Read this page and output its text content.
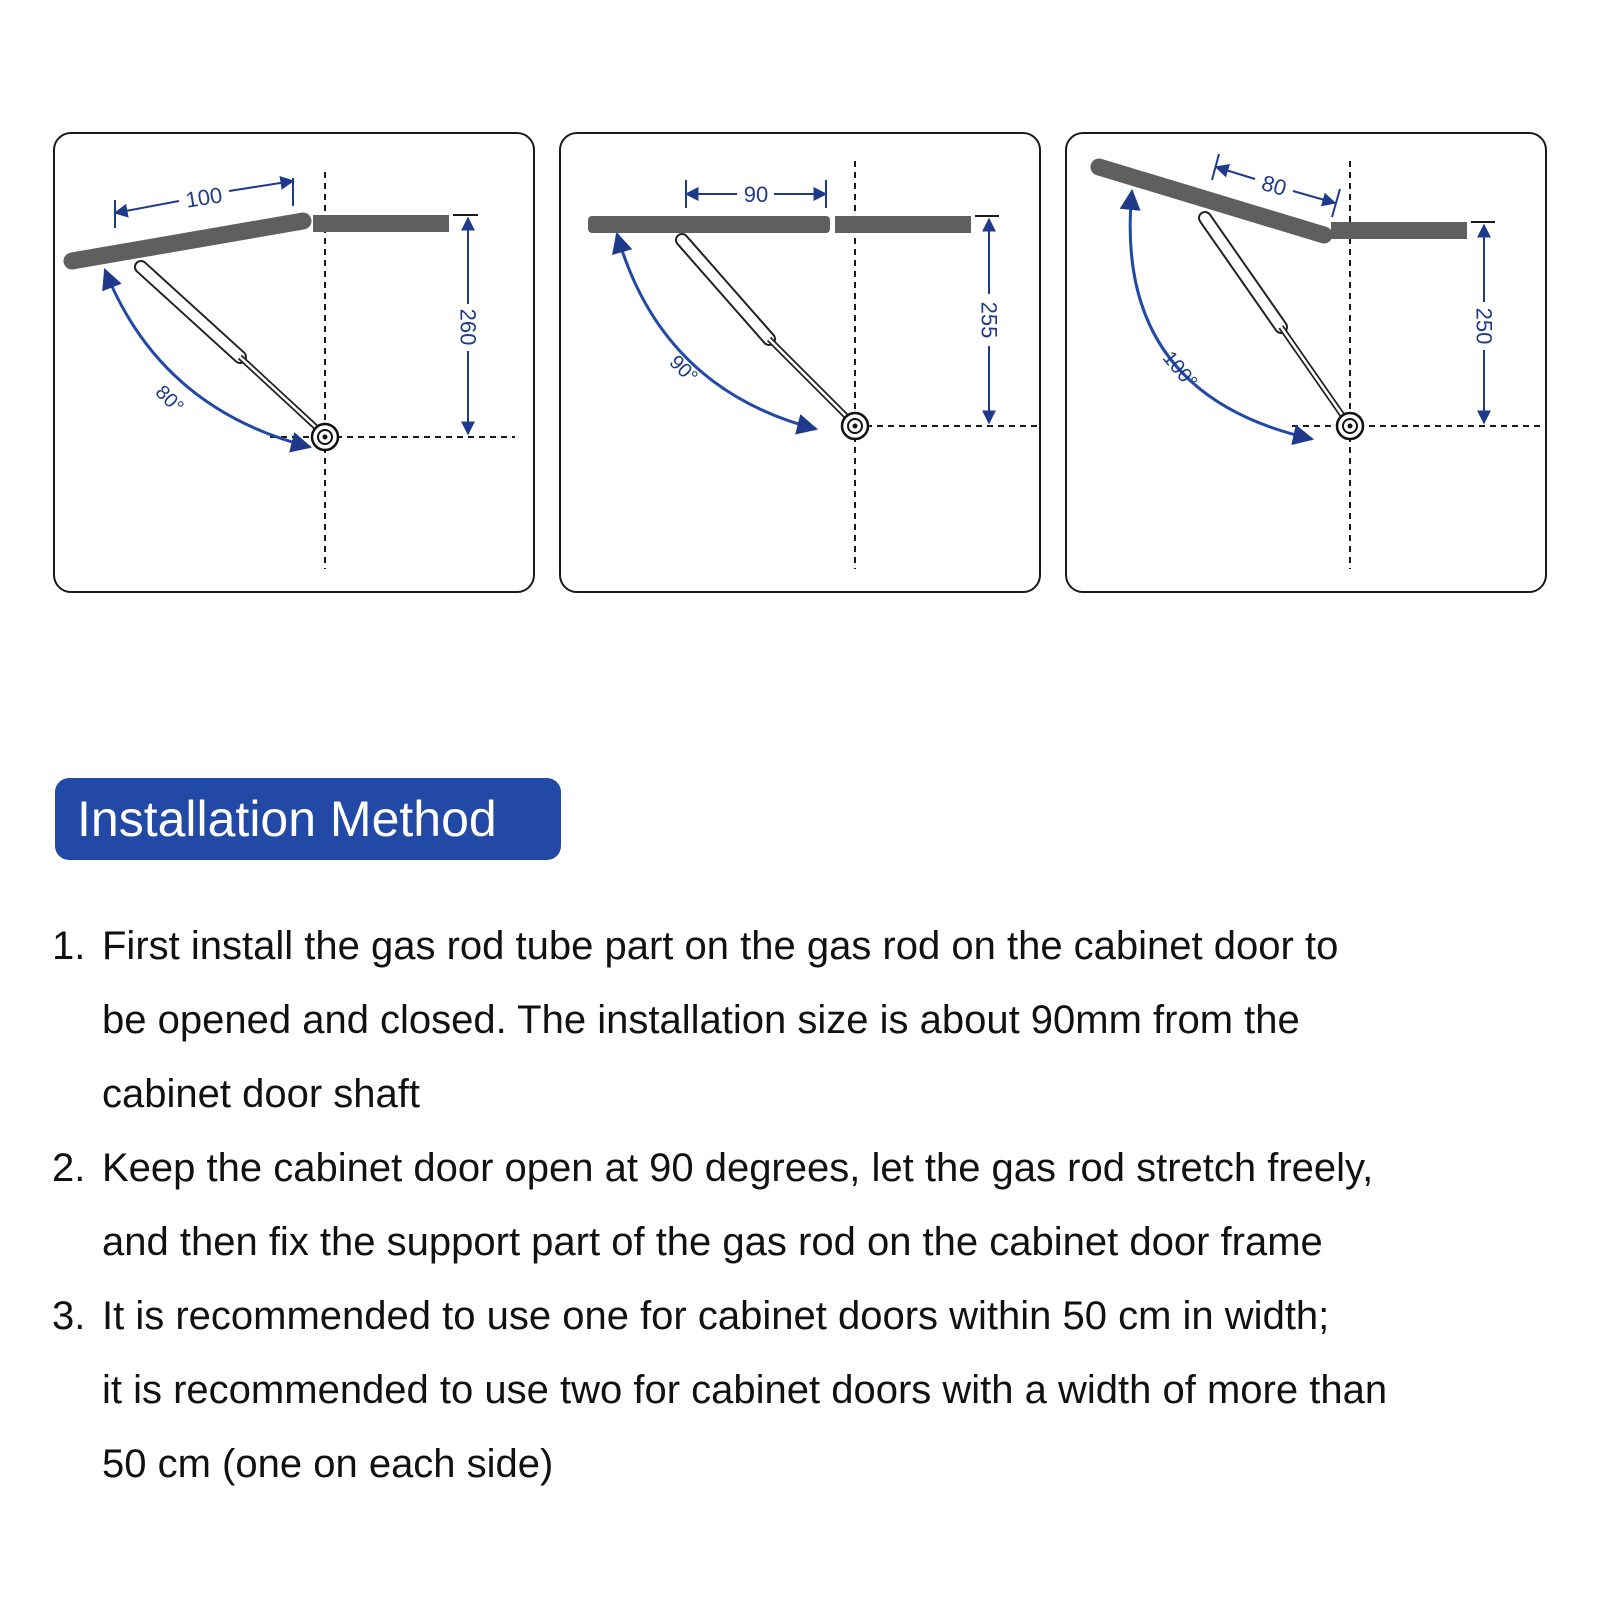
80°
100
260
90°
90
255
100°
80
250
Installation Method
1. First install the gas rod tube part on the gas rod on the cabinet door to
be opened and closed. The installation size is about 90mm from the
cabinet door shaft
2. Keep the cabinet door open at 90 degrees, let the gas rod stretch freely,
and then fix the support part of the gas rod on the cabinet door frame
3. It is recommended to use one for cabinet doors within 50 cm in width;
it is recommended to use two for cabinet doors with a width of more than
50 cm (one on each side)
